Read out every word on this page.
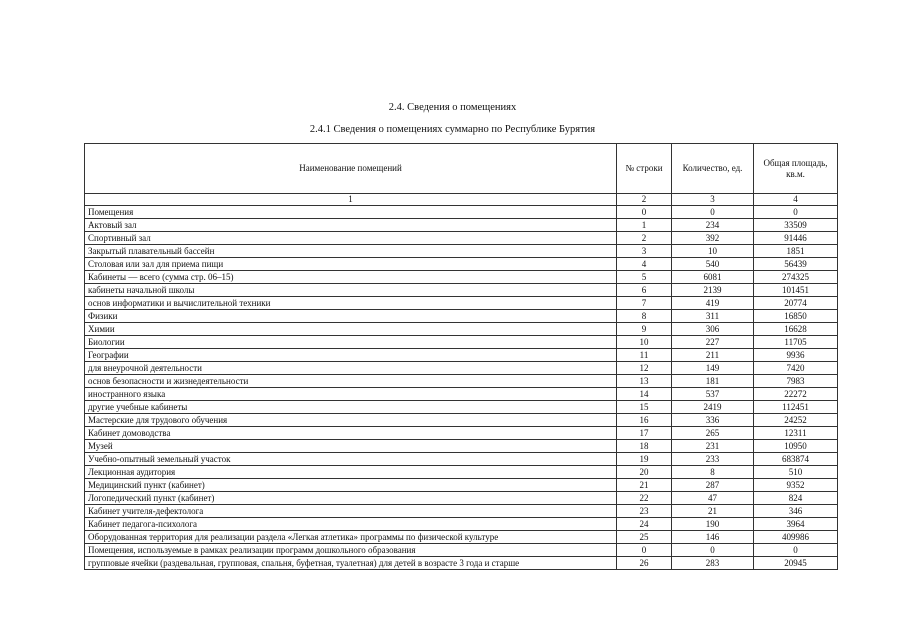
2.4. Сведения о помещениях
2.4.1 Сведения о помещениях суммарно по Республике Бурятия
Наименование помещений	№ строки	Количество, ед.	Общая площадь, кв.м.
1	2	3	4
Помещения	0	0	0
Актовый зал	1	234	33509
Спортивный зал	2	392	91446
Закрытый плавательный бассейн	3	10	1851
Столовая или зал для приема пищи	4	540	56439
Кабинеты — всего (сумма стр. 06–15)	5	6081	274325
кабинеты начальной школы	6	2139	101451
основ информатики и вычислительной техники	7	419	20774
Физики	8	311	16850
Химии	9	306	16628
Биологии	10	227	11705
Географии	11	211	9936
для внеурочной деятельности	12	149	7420
основ безопасности и жизнедеятельности	13	181	7983
иностранного языка	14	537	22272
другие учебные кабинеты	15	2419	112451
Мастерские для трудового обучения	16	336	24252
Кабинет домоводства	17	265	12311
Музей	18	231	10950
Учебно-опытный земельный участок	19	233	683874
Лекционная аудитория	20	8	510
Медицинский пункт (кабинет)	21	287	9352
Логопедический пункт (кабинет)	22	47	824
Кабинет учителя-дефектолога	23	21	346
Кабинет педагога-психолога	24	190	3964
Оборудованная территория для реализации раздела «Легкая атлетика» программы по физической культуре	25	146	409986
Помещения, используемые в рамках реализации программ дошкольного образования	0	0	0
групповые ячейки (раздевальная, групповая, спальня, буфетная, туалетная) для детей в возрасте 3 года и старше	26	283	20945
